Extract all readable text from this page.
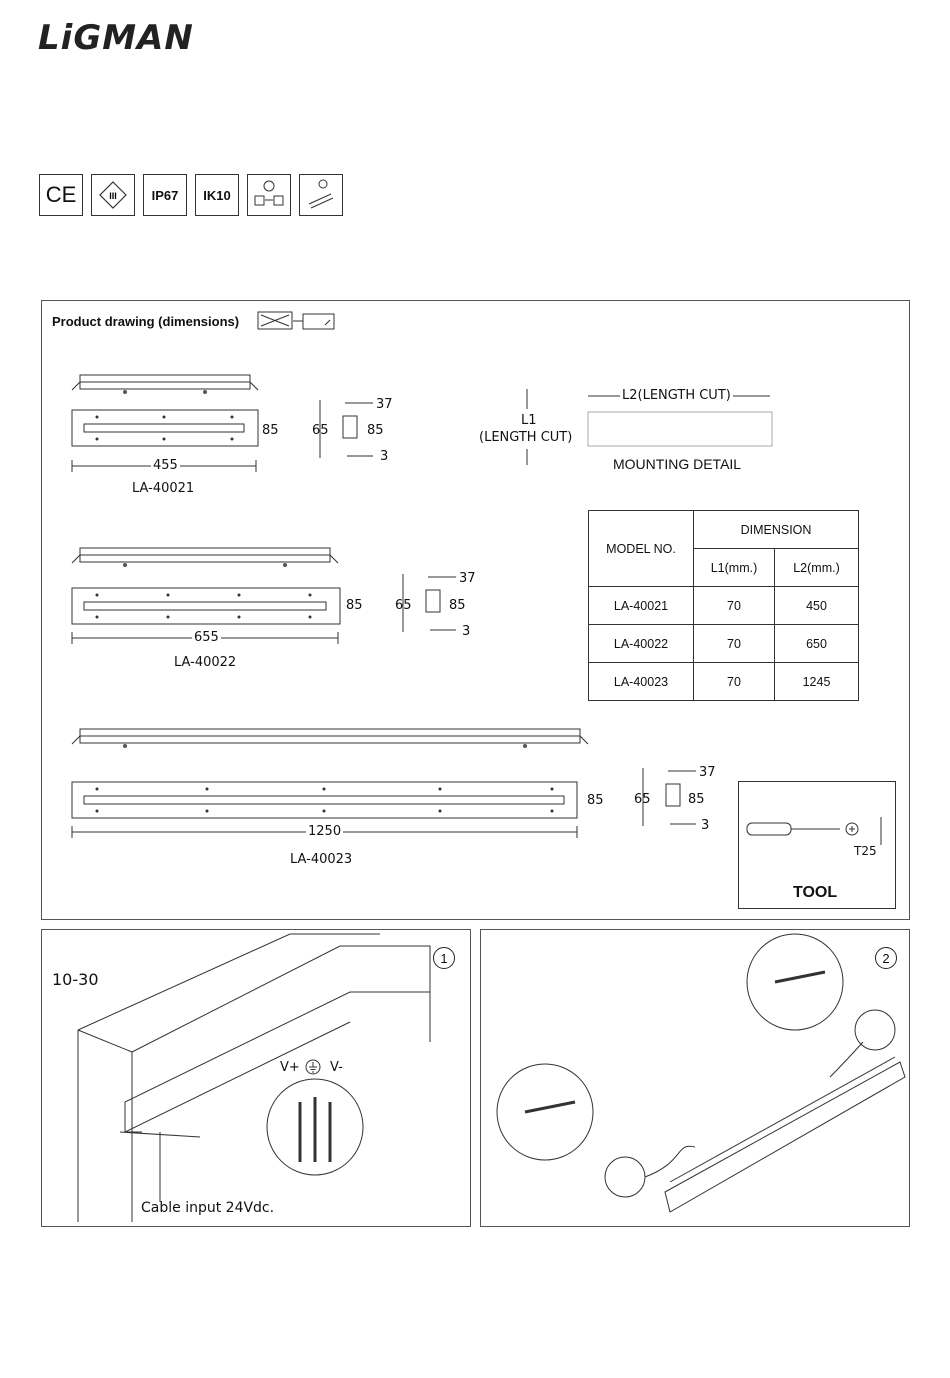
LiGMAN
CE	III	IP67	IK10
Product drawing (dimensions)
455
85
LA-40021
37
65	85
3
L2(LENGTH CUT)
L1
(LENGTH CUT)
MOUNTING DETAIL
MODEL NO.	DIMENSION	
	L1(mm.)	L2(mm.)
LA-40021	70	450
LA-40022	70	650
LA-40023	70	1245
655
85
LA-40022
37
65	85
3
1250
85
LA-40023
37
65	85
3
T25
TOOL
1
10-30
V+ V-
Cable input 24Vdc.
2
